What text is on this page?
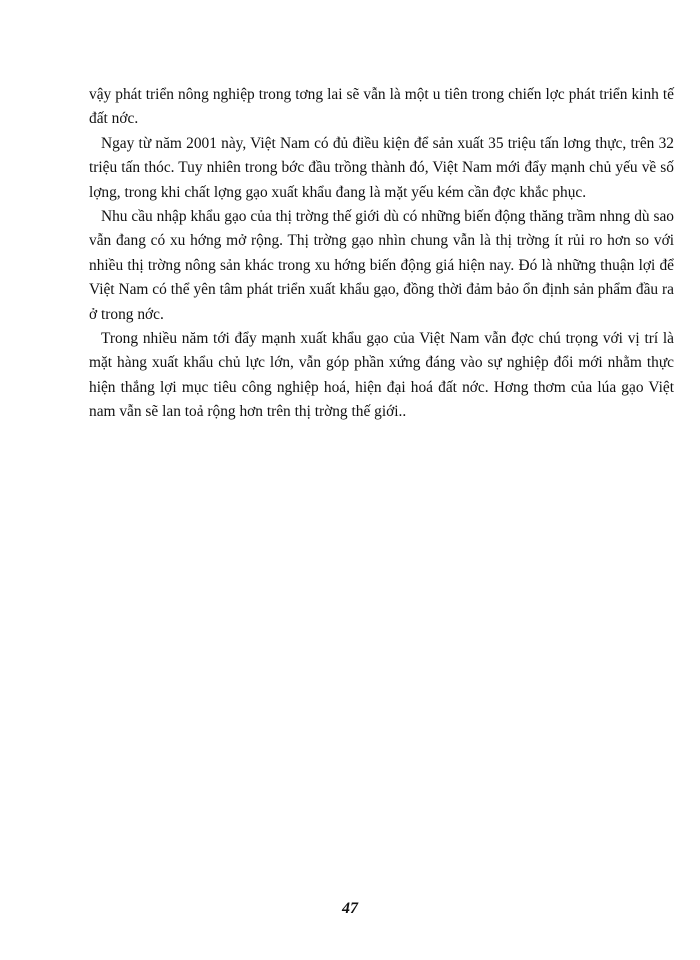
vậy phát triển nông nghiệp trong tơng lai sẽ vẫn là một u tiên trong chiến lợc phát triển kinh tế đất nớc.

Ngay từ năm 2001 này, Việt Nam có đủ điều kiện để sản xuất 35 triệu tấn lơng thực, trên 32 triệu tấn thóc. Tuy nhiên trong bớc đầu trồng thành đó, Việt Nam mới đẩy mạnh chủ yếu về số lợng, trong khi chất lợng gạo xuất khẩu đang là mặt yếu kém cần đợc khắc phục.

Nhu cầu nhập khẩu gạo của thị trờng thế giới dù có những biến động thăng trầm nhng dù sao vẫn đang có xu hớng mở rộng. Thị trờng gạo nhìn chung vẫn là thị trờng ít rủi ro hơn so với nhiều thị trờng nông sản khác trong xu hớng biến động giá hiện nay. Đó là những thuận lợi để Việt Nam có thể yên tâm phát triển xuất khẩu gạo, đồng thời đảm bảo ổn định sản phẩm đầu ra ở trong nớc.

Trong nhiều năm tới đẩy mạnh xuất khẩu gạo của Việt Nam vẫn đợc chú trọng với vị trí là mặt hàng xuất khẩu chủ lực lớn, vẫn góp phần xứng đáng vào sự nghiệp đổi mới nhằm thực hiện thắng lợi mục tiêu công nghiệp hoá, hiện đại hoá đất nớc. Hơng thơm của lúa gạo Việt nam vẫn sẽ lan toả rộng hơn trên thị trờng thế giới..

47
